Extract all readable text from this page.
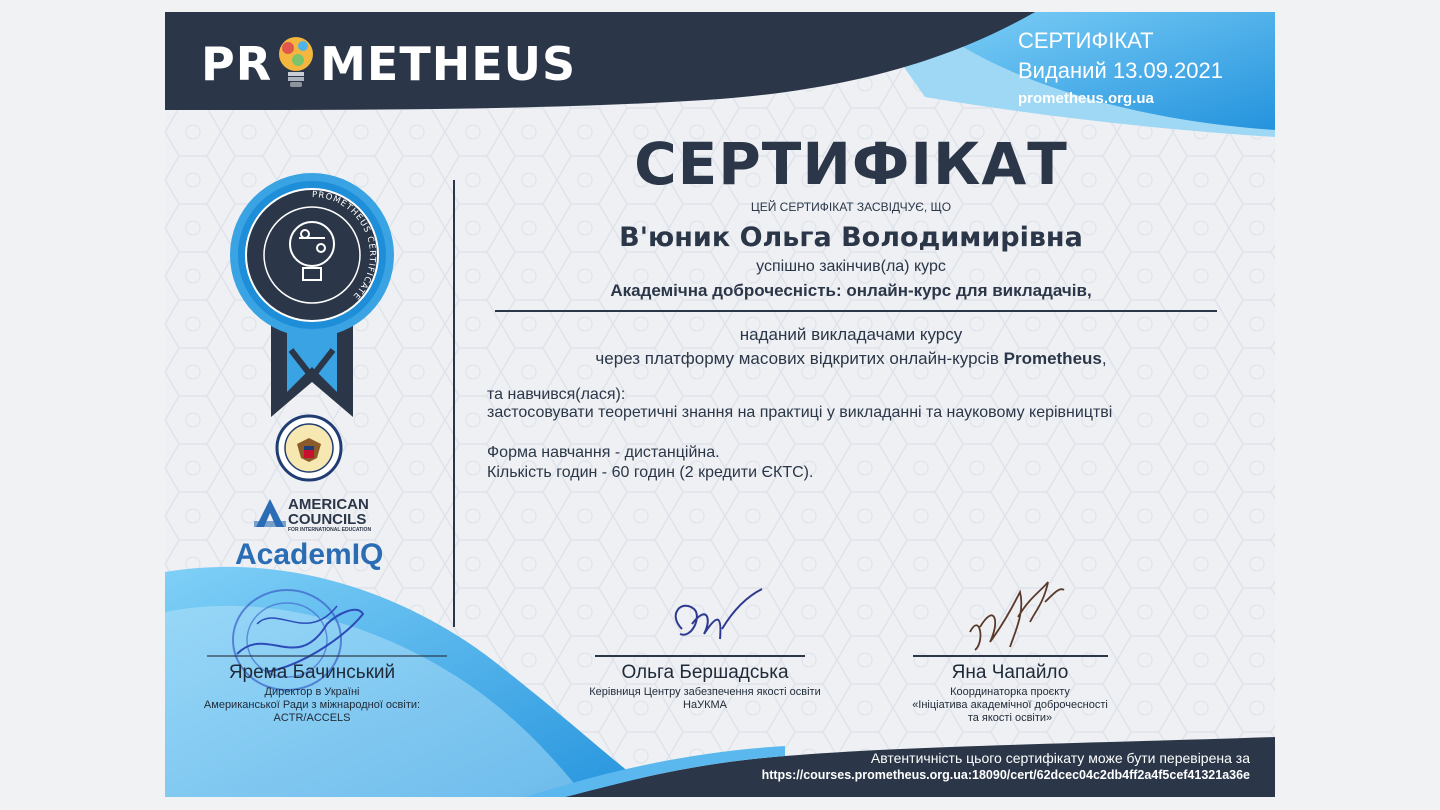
PR METHEUS	СЕРТИФІКАТ
Виданий 13.09.2021
prometheus.org.ua
СЕРТИФІКАТ
ЦЕЙ СЕРТИФІКАТ ЗАСВІДЧУЄ, ЩО
В'юник Ольга Володимирівна
успішно закінчив(ла) курс
Академічна доброчесність: онлайн-курс для викладачів,
наданий викладачами курсу
через платформу масових відкритих онлайн-курсів Prometheus,
та навчився(лася):
застосовувати теоретичні знання на практиці у викладанні та науковому керівництві
Форма навчання - дистанційна.
Кількість годин - 60 годин (2 кредити ЄКТС).
PROMETHEUS CERTIFICATE
AMERICAN
COUNCILS
FOR INTERNATIONAL EDUCATION
AcademIQ
Ярема Бачинський
Директор в Україні
Американської Ради з міжнародної освіти:
ACTR/ACCELS
Ольга Бершадська
Керівниця Центру забезпечення якості освіти
НаУКМА
Яна Чапайло
Координаторка проєкту
«Ініціатива академічної доброчесності
та якості освіти»
Автентичність цього сертифікату може бути перевірена за
https://courses.prometheus.org.ua:18090/cert/62dcec04c2db4ff2a4f5cef41321a36e
